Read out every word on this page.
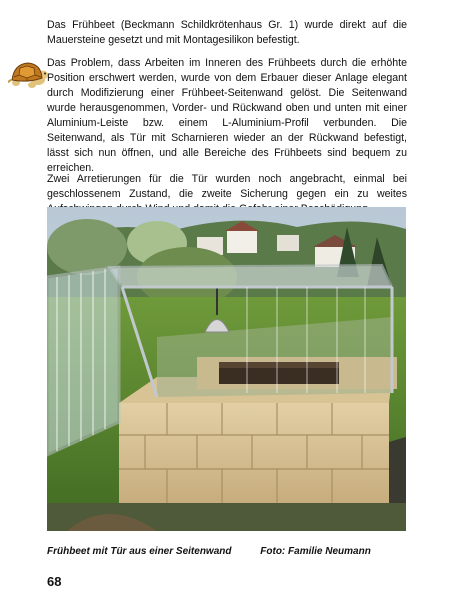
Das Frühbeet (Beckmann Schildkrötenhaus Gr. 1) wurde direkt auf die Mauersteine gesetzt und mit Montagesilikon befestigt.

Das Problem, dass Arbeiten im Inneren des Frühbeets durch die erhöhte Position erschwert werden, wurde von dem Erbauer dieser Anlage elegant durch Modifizierung einer Frühbeet-Seitenwand gelöst. Die Seitenwand wurde herausgenommen, Vorder- und Rückwand oben und unten mit einer Aluminium-Leiste bzw. einem L-Aluminium-Profil verbunden. Die Seitenwand, als Tür mit Scharnieren wieder an der Rückwand befestigt, lässt sich nun öffnen, und alle Bereiche des Frühbeets sind bequem zu erreichen.

Zwei Arretierungen für die Tür wurden noch angebracht, einmal bei geschlossenem Zustand, die zweite Sicherung gegen ein zu weites

Frühbeet mit Tür aus einer Seitenwand	Foto: Familie Neumann

68
